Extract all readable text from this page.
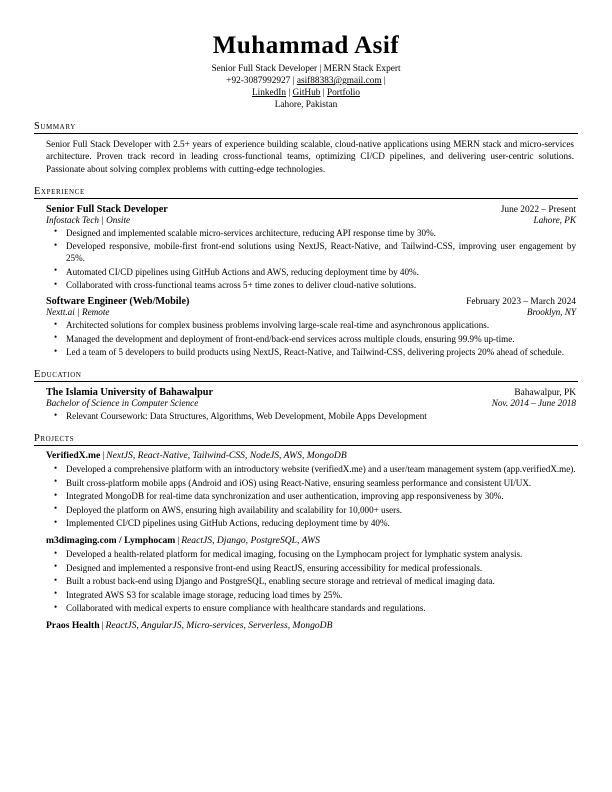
Muhammad Asif
Senior Full Stack Developer | MERN Stack Expert
+92-3087992927 | asif88383@gmail.com |
LinkedIn | GitHub | Portfolio
Lahore, Pakistan
Summary
Senior Full Stack Developer with 2.5+ years of experience building scalable, cloud-native applications using MERN stack and micro-services architecture. Proven track record in leading cross-functional teams, optimizing CI/CD pipelines, and delivering user-centric solutions. Passionate about solving complex problems with cutting-edge technologies.
Experience
Senior Full Stack Developer	June 2022 – Present
Infostack Tech | Onsite	Lahore, PK
• Designed and implemented scalable micro-services architecture, reducing API response time by 30%.
• Developed responsive, mobile-first front-end solutions using NextJS, React-Native, and Tailwind-CSS, improving user engagement by 25%.
• Automated CI/CD pipelines using GitHub Actions and AWS, reducing deployment time by 40%.
• Collaborated with cross-functional teams across 5+ time zones to deliver cloud-native solutions.
Software Engineer (Web/Mobile)	February 2023 – March 2024
Nextt.ai | Remote	Brooklyn, NY
• Architected solutions for complex business problems involving large-scale real-time and asynchronous applications.
• Managed the development and deployment of front-end/back-end services across multiple clouds, ensuring 99.9% up-time.
• Led a team of 5 developers to build products using NextJS, React-Native, and Tailwind-CSS, delivering projects 20% ahead of schedule.
Education
The Islamia University of Bahawalpur	Bahawalpur, PK
Bachelor of Science in Computer Science	Nov. 2014 – June 2018
• Relevant Coursework: Data Structures, Algorithms, Web Development, Mobile Apps Development
Projects
VerifiedX.me | NextJS, React-Native, Tailwind-CSS, NodeJS, AWS, MongoDB
• Developed a comprehensive platform with an introductory website (verifiedX.me) and a user/team management system (app.verifiedX.me).
• Built cross-platform mobile apps (Android and iOS) using React-Native, ensuring seamless performance and consistent UI/UX.
• Integrated MongoDB for real-time data synchronization and user authentication, improving app responsiveness by 30%.
• Deployed the platform on AWS, ensuring high availability and scalability for 10,000+ users.
• Implemented CI/CD pipelines using GitHub Actions, reducing deployment time by 40%.
m3dimaging.com / Lymphocam | ReactJS, Django, PostgreSQL, AWS
• Developed a health-related platform for medical imaging, focusing on the Lymphocam project for lymphatic system analysis.
• Designed and implemented a responsive front-end using ReactJS, ensuring accessibility for medical professionals.
• Built a robust back-end using Django and PostgreSQL, enabling secure storage and retrieval of medical imaging data.
• Integrated AWS S3 for scalable image storage, reducing load times by 25%.
• Collaborated with medical experts to ensure compliance with healthcare standards and regulations.
Praos Health | ReactJS, AngularJS, Micro-services, Serverless, MongoDB
